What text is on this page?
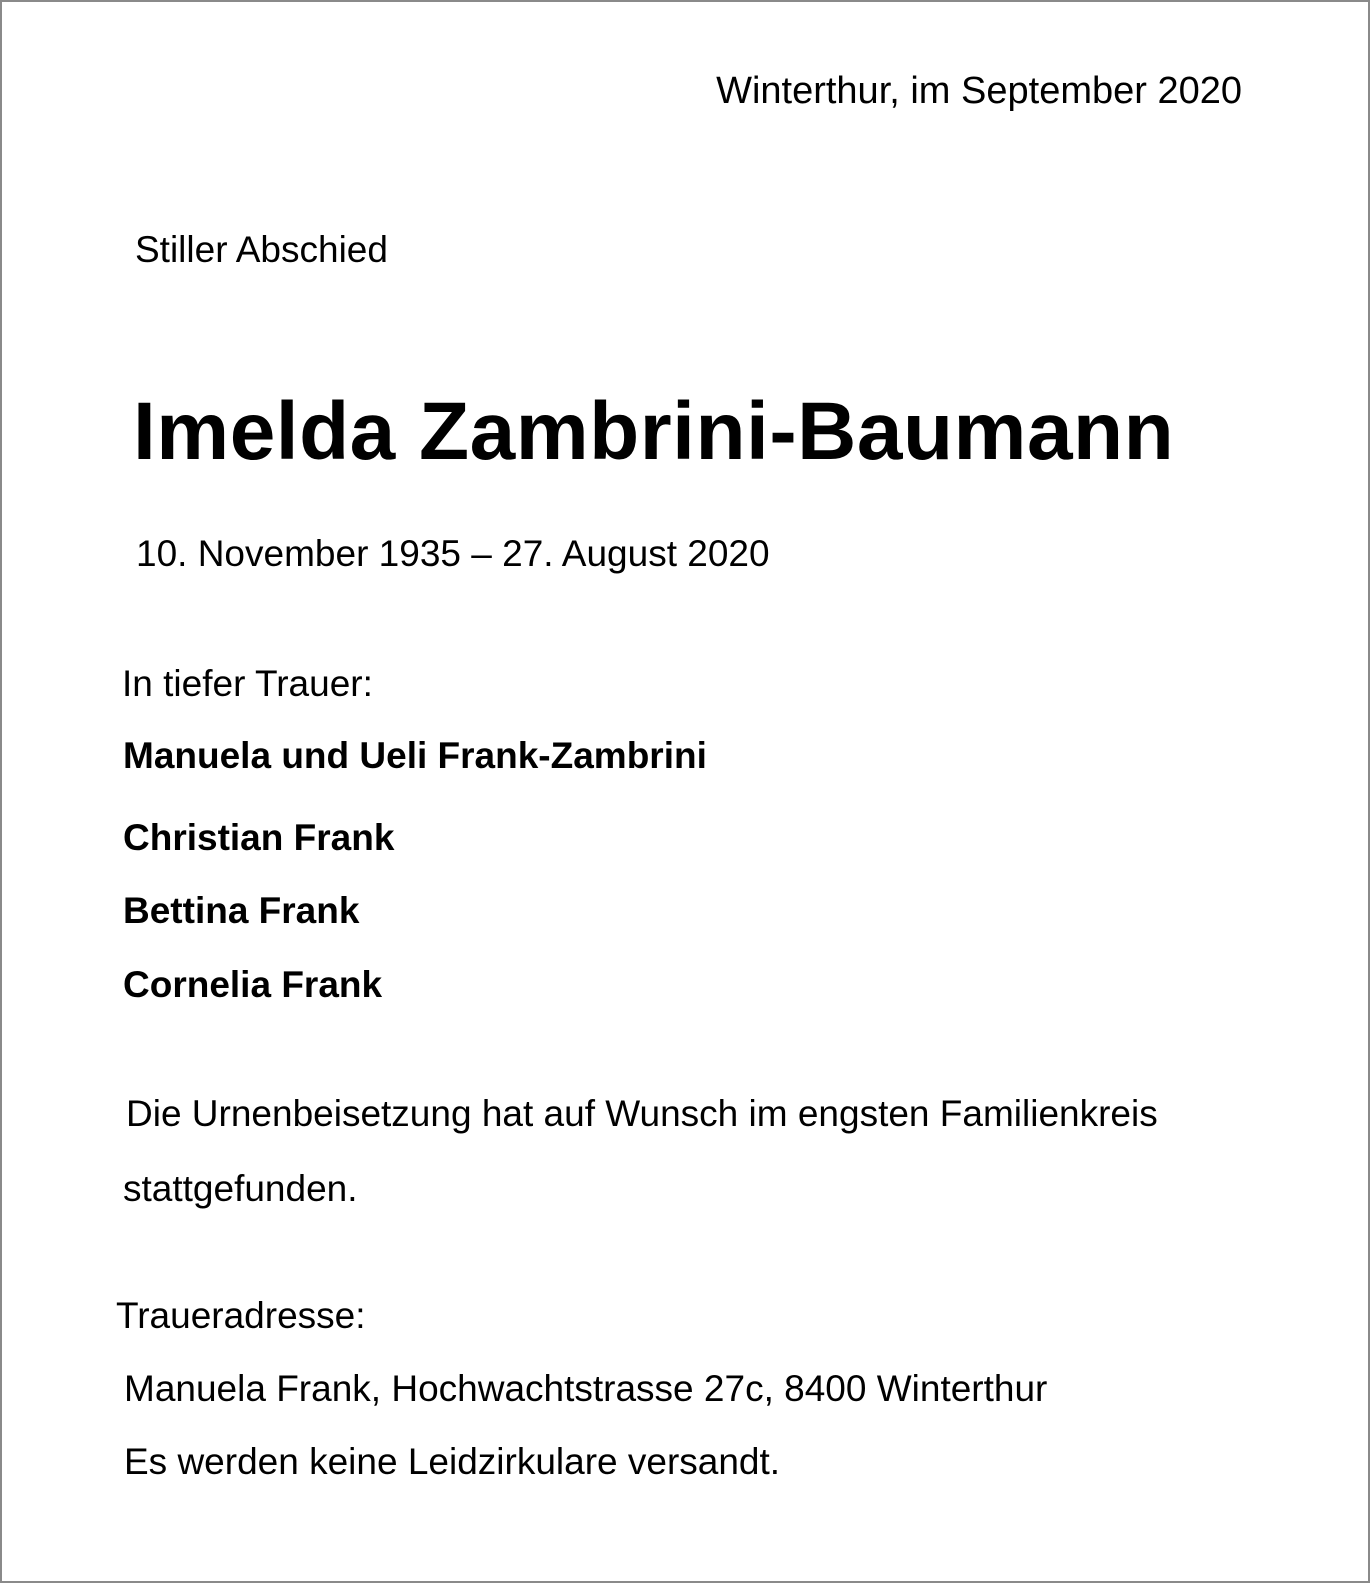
Winterthur, im September 2020
Stiller Abschied
Imelda Zambrini-Baumann
10. November 1935 – 27. August 2020
In tiefer Trauer:
Manuela und Ueli Frank-Zambrini
Christian Frank
Bettina Frank
Cornelia Frank
Die Urnenbeisetzung hat auf Wunsch im engsten Familienkreis
stattgefunden.
Traueradresse:
Manuela Frank, Hochwachtstrasse 27c, 8400 Winterthur
Es werden keine Leidzirkulare versandt.
